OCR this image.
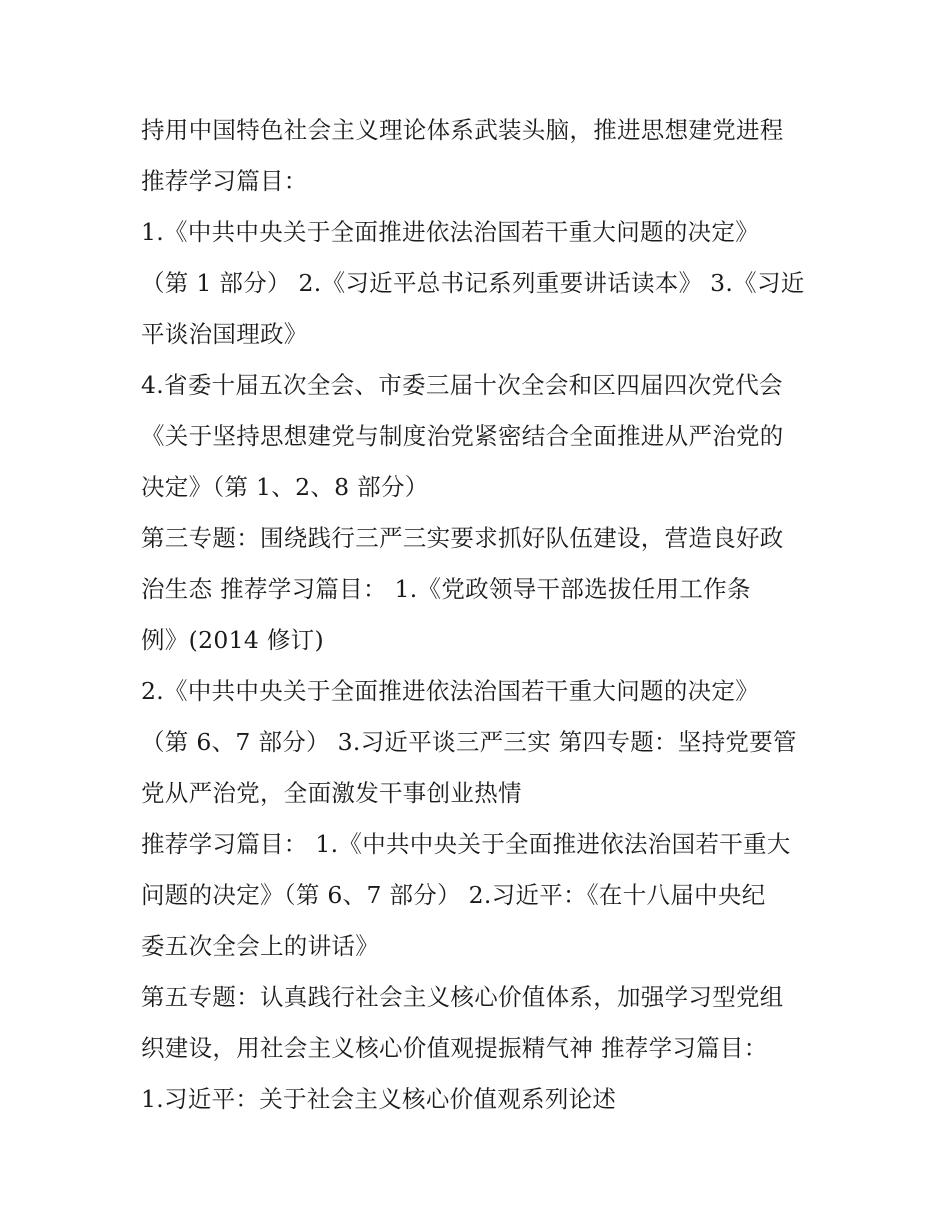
持用中国特色社会主义理论体系武装头脑，推进思想建党进程
推荐学习篇目：
1.《中共中央关于全面推进依法治国若干重大问题的决定》
（第 1 部分） 2.《习近平总书记系列重要讲话读本》 3.《习近
平谈治国理政》
4.省委十届五次全会、市委三届十次全会和区四届四次党代会
《关于坚持思想建党与制度治党紧密结合全面推进从严治党的
决定》（第 1、2、8 部分）
第三专题：围绕践行三严三实要求抓好队伍建设，营造良好政
治生态 推荐学习篇目： 1.《党政领导干部选拔任用工作条
例》(2014 修订)
2.《中共中央关于全面推进依法治国若干重大问题的决定》
（第 6、7 部分） 3.习近平谈三严三实 第四专题：坚持党要管
党从严治党，全面激发干事创业热情
推荐学习篇目： 1.《中共中央关于全面推进依法治国若干重大
问题的决定》（第 6、7 部分） 2.习近平：《在十八届中央纪
委五次全会上的讲话》
第五专题：认真践行社会主义核心价值体系，加强学习型党组
织建设，用社会主义核心价值观提振精气神 推荐学习篇目：
1.习近平：关于社会主义核心价值观系列论述
